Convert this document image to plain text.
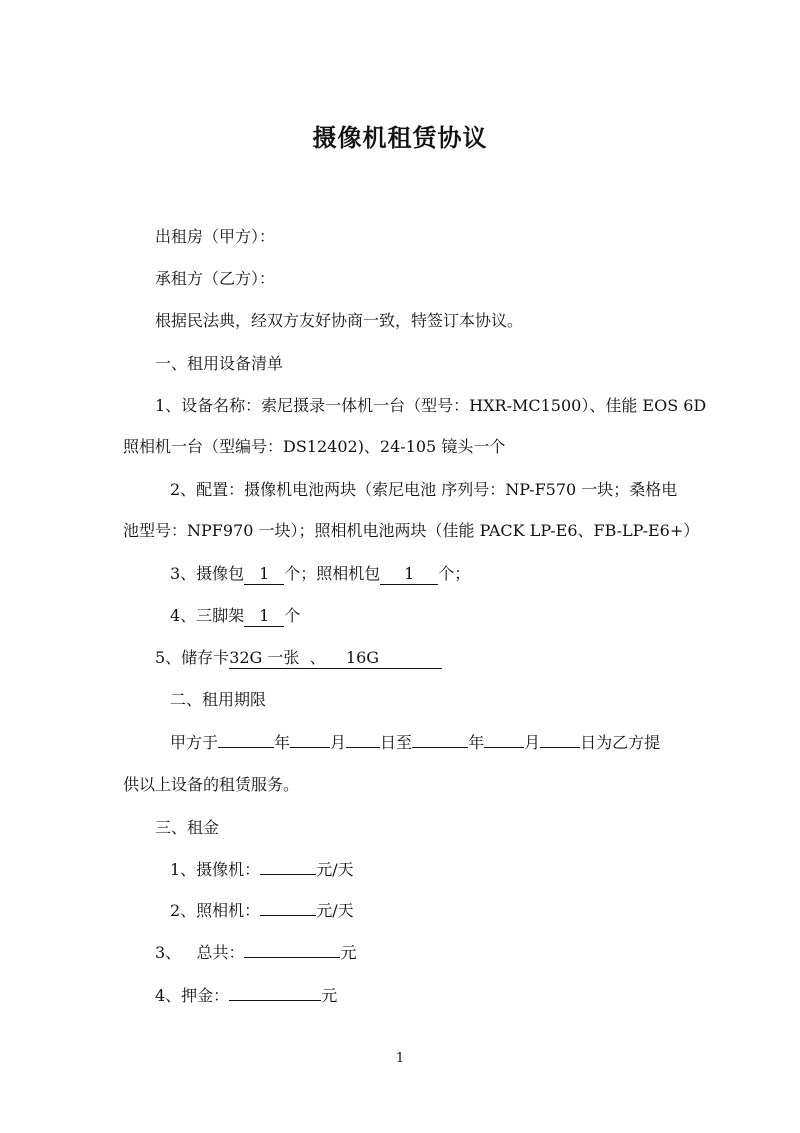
摄像机租赁协议
出租房（甲方）：
承租方（乙方）：
根据民法典，经双方友好协商一致，特签订本协议。
一、租用设备清单
1、设备名称：索尼摄录一体机一台（型号：HXR-MC1500）、佳能 EOS 6D
照相机一台（型编号：DS12402)、24-105 镜头一个
2、配置：摄像机电池两块（索尼电池 序列号：NP-F570 一块；桑格电
池型号：NPF970 一块）；照相机电池两块（佳能 PACK LP-E6、FB-LP-E6+）
3、摄像包 1 个；照相机包 1 个；
4、三脚架 1 个
5、储存卡32G 一张  、    16G
二、租用期限
甲方于	年	月 日至	年	月	日为乙方提
供以上设备的租赁服务。
三、租金
1、摄像机：	元/天
2、照相机：	元/天
3、   总共：	元
4、押金：	元
1
